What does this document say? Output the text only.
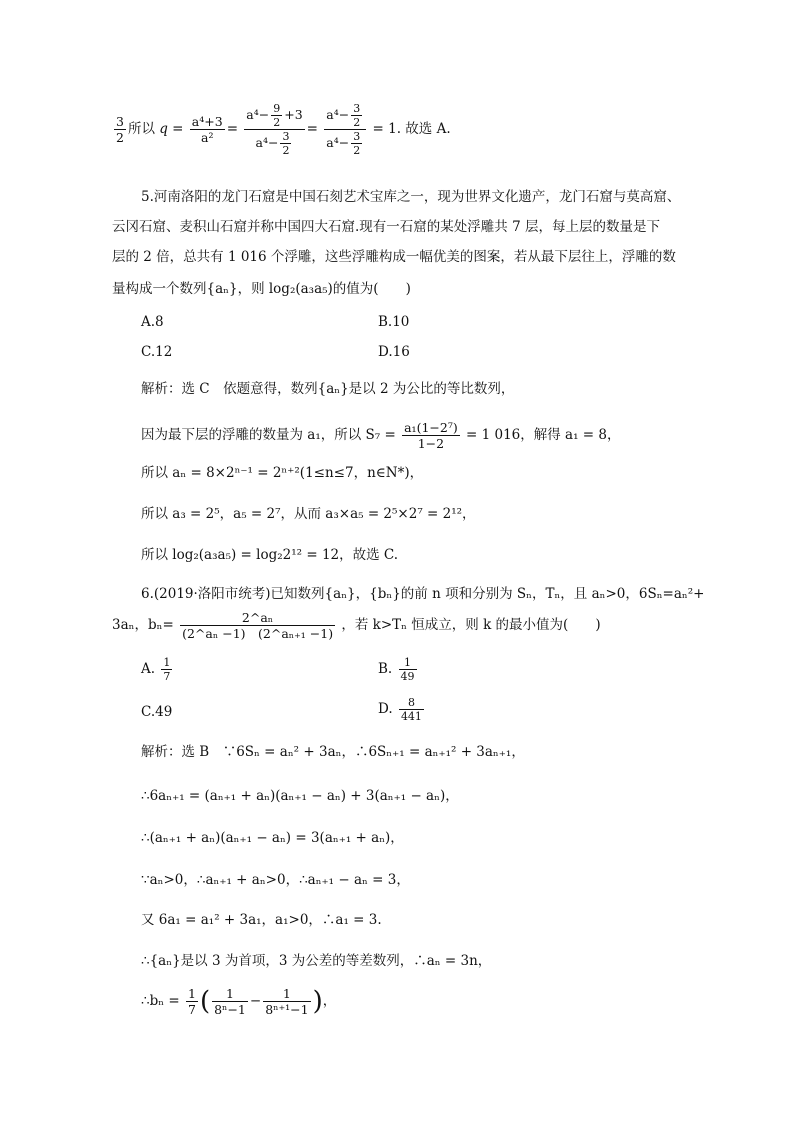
$\frac{3}{2}$ 所以 $q = \frac{\text{a⁴+3}}{\text{a²}} = \frac{a^4- \frac{9}{2} +3}{a^4- \frac{3}{2}} = \frac{a^4- \frac{3}{2}}{a^4- \frac{3}{2}} = 1$. 故选 A.
5.河南洛阳的龙门石窟是中国石刻艺术宝库之一，现为世界文化遗产，龙门石窟与莫高窟、
云冈石窟、麦积山石窟并称中国四大石窟.现有一石窟的某处浮雕共 7 层，每上层的数量是下
层的 2 倍，总共有 1 016 个浮雕，这些浮雕构成一幅优美的图案，若从最下层往上，浮雕的数
量构成一个数列{aₙ}，则 log₂(a₃a₅)的值为(　　)
A.8	B.10
C.12	D.16
解析：选 C　依题意得，数列{aₙ}是以 2 为公比的等比数列，
因为最下层的浮雕的数量为 a₁，所以 $S_7 = \frac{\text{a₁(1−2⁷)}}{1-2} = 1$ 016，解得 a₁ = 8，
所以 aₙ = 8×2ⁿ⁻¹ = 2ⁿ⁺²(1≤n≤7，n∈N*)，
所以 a₃ = 2⁵，a₅ = 2⁷，从而 a₃×a₅ = 2⁵×2⁷ = 2¹²，
所以 log₂(a₃a₅) = log₂2¹² = 12，故选 C.
6.(2019·洛阳市统考)已知数列{aₙ}，{bₙ}的前 n 项和分别为 Sₙ，Tₙ，且 aₙ>0，6Sₙ=aₙ²+
3aₙ，$b_n= \frac{\text{2\textasciicircum{}aₙ}}{\text{(2\textasciicircum{}aₙ −1)　(2\textasciicircum{}aₙ₊₁ −1)}}$ ，若 k>Tₙ 恒成立，则 k 的最小值为(　　)
A. $\frac{1}{7}$	B. $\frac{1}{49}$
C.49	D. $\frac{8}{441}$
解析：选 B　∵6Sₙ = aₙ² + 3aₙ，∴6Sₙ₊₁ = aₙ₊₁² + 3aₙ₊₁，
∴6aₙ₊₁ = (aₙ₊₁ + aₙ)(aₙ₊₁ − aₙ) + 3(aₙ₊₁ − aₙ)，
∴(aₙ₊₁ + aₙ)(aₙ₊₁ − aₙ) = 3(aₙ₊₁ + aₙ)，
∵aₙ>0，∴aₙ₊₁ + aₙ>0，∴aₙ₊₁ − aₙ = 3，
又 6a₁ = a₁² + 3a₁，a₁>0，∴a₁ = 3.
∴{aₙ}是以 3 为首项，3 为公差的等差数列，∴aₙ = 3n，
∴bₙ = $\frac{1}{7}$ ( $\frac{1}{\text{8ⁿ−1}} - \frac{1}{\text{8ⁿ⁺¹−1}}$ )，
